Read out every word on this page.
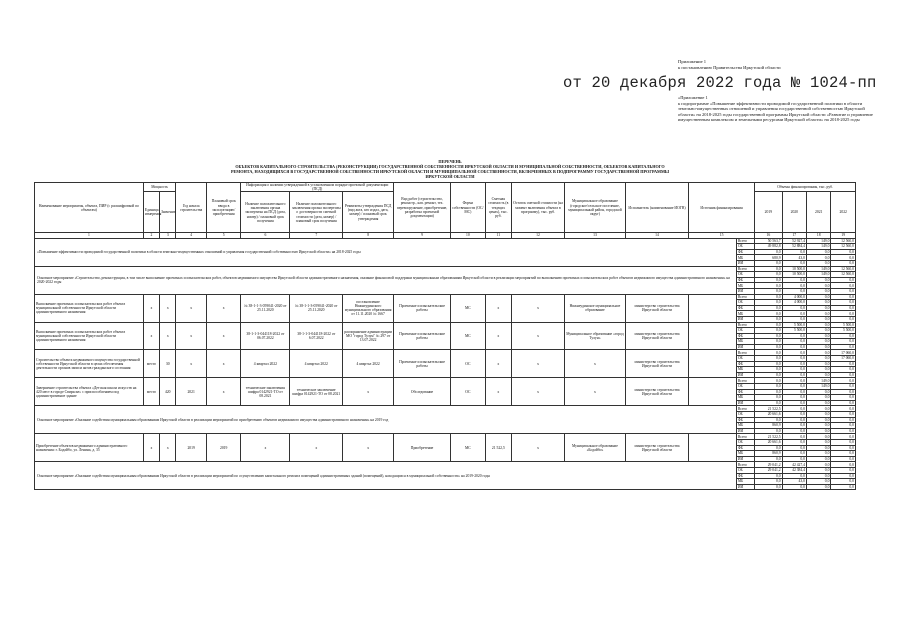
Приложение 1
к постановлению Правительства Иркутской области
от 20 декабря 2022 года № 1024-пп
«Приложение 1
к подпрограмме «Повышение эффективности проводимой государственной политики в области земельно-имущественных отношений и управления государственной собственностью Иркутской области» на 2018-2025 годы государственной программы Иркутской области «Развитие и управление имущественным комплексом и земельными ресурсами Иркутской области» на 2018-2025 годы
ПЕРЕЧЕНЬ
ОБЪЕКТОВ КАПИТАЛЬНОГО СТРОИТЕЛЬСТВА (РЕКОНСТРУКЦИИ) ГОСУДАРСТВЕННОЙ СОБСТВЕННОСТИ ИРКУТСКОЙ ОБЛАСТИ И МУНИЦИПАЛЬНОЙ СОБСТВЕННОСТИ, ОБЪЕКТОВ КАПИТАЛЬНОГО РЕМОНТА, НАХОДЯЩИХСЯ В ГОСУДАРСТВЕННОЙ СОБСТВЕННОСТИ ИРКУТСКОЙ ОБЛАСТИ И МУНИЦИПАЛЬНОЙ СОБСТВЕННОСТИ, ВКЛЮЧЕННЫХ В ПОДПРОГРАММУ ГОСУДАРСТВЕННОЙ ПРОГРАММЫ ИРКУТСКОЙ ОБЛАСТИ
Наименование мероприятия, объекта, ПИР (с расшифровкой по объектам)	Мощность		Год начала строительства	Плановый срок ввода в эксплуатацию/ приобретения	Информация о наличии утвержденной в установленном порядке проектной документации (ПСД)			Вид работ (строительство, реконстр., кап. ремонт, тех. перевооружение, приобретение, разработка проектной документации)	Форма собственности (ОС/МС)	Сметная стоимость (в текущих ценах), тыс. руб.	Остаток сметной стоимости (на момент включения объекта в программу), тыс. руб.	Муниципальное образование (городское/сельское поселение, муниципальный район, городской округ)	Исполнитель (наименование ИОГВ)	Источник финансирования		Объемы финансирования, тыс. руб.			
	Единица измерения	Значение			Наличие положительного заключения органа экспертизы на ПСД (дата, номер) / плановый срок получения	Наличие положительного заключения органа экспертизы о достоверности сметной стоимости (дата, номер) / плановый срок получения	Реквизиты утверждения ПСД (вид акта, кто издал, дата, номер) / плановый срок утверждения									2019	2020	2021	2022
1	2	3	4	5	6	7	8	9	10	11	12	13	14	15		16	17	18	19
«Повышение эффективности проводимой государственной политики в области земельно-имущественных отношений и управления государственной собственностью Иркутской области» на 2018-2025 годы															Всего	50 563,7	52 927,4	149,0	12 560,0
															ОБ	49 882,8	52 884,4	149,0	12 560,0
															ФБ	0,0	0,0	0,0	0,0
															МБ	680,9	43,0	0,0	0,0
															ИИ	0,0	0,0	0,0	0,0
Основное мероприятие «Строительство, реконструкция, в том числе выполнение проектных и изыскательских работ, объектов недвижимого имущества Иркутской области административного назначения, оказание финансовой поддержки муниципальным образованиям Иркутской области в реализации мероприятий по выполнению проектных и изыскательских работ объектов недвижимого имущества административного назначения» на 2020-2022 годы															Всего	0,0	10 500,0	149,0	12 560,0
															ОБ	0,0	10 500,0	149,0	12 560,0
															ФБ	0,0	0,0	0,0	0,0
															МБ	0,0	0,0	0,0	0,0
															ИИ	0,0	0,0	0,0	0,0
Выполнение проектных и изыскательских работ объекта муниципальной собственности Иркутской области административного назначения	х	х	х	х	№ 38-1-1-3-059041-2020 от 25.11.2020	№ 38-1-1-3-059041-2020 от 25.11.2020	постановление Нижнеудинского муниципального образования от 11.11.2020 № 1667	Проектные и изыскательские работы	МС	х	х	Нижнеудинское муниципальное образование	министерство строительства Иркутской области		Всего	0,0	4 000,0	0,0	0,0
															ОБ	0,0	4 000,0	0,0	0,0
															ФБ	0,0	0,0	0,0	0,0
															МБ	0,0	0,0	0,0	0,0
															ИИ	0,0	0,0	0,0	0,0
Выполнение проектных и изыскательских работ объекта муниципальной собственности Иркутской области административного назначения	х	х	х	х	38-1-1-3-044118-2022 от 06.07.2022	38-1-1-3-044118-2022 от 6.07.2022	распоряжение администрации МО "город Тулун" № 297 от 13.07.2022	Проектные и изыскательские работы	МС	х	х	Муниципальное образование «город Тулун»	министерство строительства Иркутской области		Всего	0,0	5 500,0	0,0	5 500,0
															ОБ	0,0	5 500,0	0,0	5 500,0
															ФБ	0,0	0,0	0,0	0,0
															МБ	0,0	0,0	0,0	0,0
															ИИ	0,0	0,0	0,0	0,0
Строительство объекта недвижимого имущества государственной собственности Иркутской области в целях обеспечения деятельности органов записи актов гражданского состояния	место	30	х	х	4 квартал 2022	4 квартал 2022	4 квартал 2022	Проектные и изыскательские работы	ОС	х	х	х	министерство строительства Иркутской области		Всего	0,0	0,0	0,0	17 060,0
															ОБ	0,0	0,0	0,0	17 060,0
															ФБ	0,0	0,0	0,0	0,0
															МБ	0,0	0,0	0,0	0,0
															ИИ	0,0	0,0	0,0	0,0
Завершение строительства объекта «Детская школа искусств на 420 мест в городе Свирьске» с приспособлением под административное здание	место	420	2021	х	технические заключения шифра 0142921-ТО от 08.2021	техническое заключение шифра 0142921-ТО от 08.2021	х	Обследование	ОС	х	х	х	министерство строительства Иркутской области		Всего	0,0	0,0	149,0	0,0
															ОБ	0,0	0,0	149,0	0,0
															ФБ	0,0	0,0	0,0	0,0
															МБ	0,0	0,0	0,0	0,0
															ИИ	0,0	0,0	0,0	0,0
Основное мероприятие «Оказание содействия муниципальным образованиям Иркутской области в реализации мероприятий по приобретению объектов недвижимого имущества административного назначения» на 2019 год															Всего	21 522,5	0,0	0,0	0,0
															ОБ	20 661,6	0,0	0,0	0,0
															ФБ	0,0	0,0	0,0	0,0
															МБ	860,9	0,0	0,0	0,0
															ИИ	0,0	0,0	0,0	0,0
Приобретение объектов недвижимого административного назначения: г. Бодайбо, ул. Ленина, д. 35	х	х	2019	2019	х	х	х	Приобретение	МС	21 522,5	х	Муниципальное образование «Бодайбо»	министерство строительства Иркутской области		Всего	21 522,5	0,0	0,0	0,0
															ОБ	20 661,6	0,0	0,0	0,0
															ФБ	0,0	0,0	0,0	0,0
															МБ	860,9	0,0	0,0	0,0
															ИИ	0,0	0,0	0,0	0,0
Основное мероприятие «Оказание содействия муниципальным образованиям Иркутской области в реализации мероприятий по осуществлению капитального ремонта помещений административных зданий (помещений), находящихся в муниципальной собственности» на 2019-2020 годы															Всего	29 041,2	42 427,4	0,0	0,0
															ОБ	29 041,2	42 384,4	0,0	0,0
															ФБ	0,0	0,0	0,0	0,0
															МБ	0,0	43,0	0,0	0,0
															ИИ	0,0	0,0	0,0	0,0
